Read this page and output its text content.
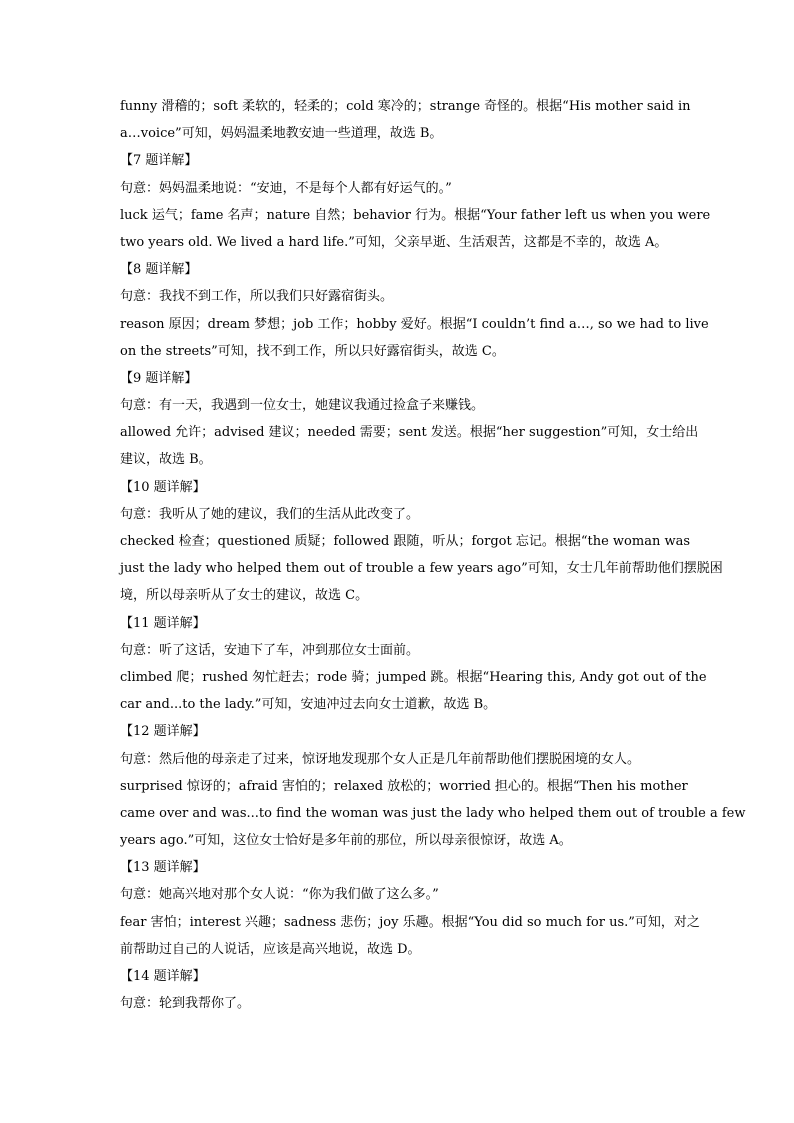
funny 滑稽的；soft 柔软的，轻柔的；cold 寒冷的；strange 奇怪的。根据“His mother said in
a…voice”可知，妈妈温柔地教安迪一些道理，故选 B。
【7 题详解】
句意：妈妈温柔地说：“安迪，不是每个人都有好运气的。”
luck 运气；fame 名声；nature 自然；behavior 行为。根据“Your father left us when you were
two years old. We lived a hard life.”可知，父亲早逝、生活艰苦，这都是不幸的，故选 A。
【8 题详解】
句意：我找不到工作，所以我们只好露宿街头。
reason 原因；dream 梦想；job 工作；hobby 爱好。根据“I couldn’t find a…, so we had to live
on the streets”可知，找不到工作，所以只好露宿街头，故选 C。
【9 题详解】
句意：有一天，我遇到一位女士，她建议我通过捡盒子来赚钱。
allowed 允许；advised 建议；needed 需要；sent 发送。根据“her suggestion”可知，女士给出
建议，故选 B。
【10 题详解】
句意：我听从了她的建议，我们的生活从此改变了。
checked 检查；questioned 质疑；followed 跟随，听从；forgot 忘记。根据“the woman was
just the lady who helped them out of trouble a few years ago”可知，女士几年前帮助他们摆脱困
境，所以母亲听从了女士的建议，故选 C。
【11 题详解】
句意：听了这话，安迪下了车，冲到那位女士面前。
climbed 爬；rushed 匆忙赶去；rode 骑；jumped 跳。根据“Hearing this, Andy got out of the
car and...to the lady.”可知，安迪冲过去向女士道歉，故选 B。
【12 题详解】
句意：然后他的母亲走了过来，惊讶地发现那个女人正是几年前帮助他们摆脱困境的女人。
surprised 惊讶的；afraid 害怕的；relaxed 放松的；worried 担心的。根据“Then his mother
came over and was...to find the woman was just the lady who helped them out of trouble a few
years ago.”可知，这位女士恰好是多年前的那位，所以母亲很惊讶，故选 A。
【13 题详解】
句意：她高兴地对那个女人说：“你为我们做了这么多。”
fear 害怕；interest 兴趣；sadness 悲伤；joy 乐趣。根据“You did so much for us.”可知，对之
前帮助过自己的人说话，应该是高兴地说，故选 D。
【14 题详解】
句意：轮到我帮你了。
